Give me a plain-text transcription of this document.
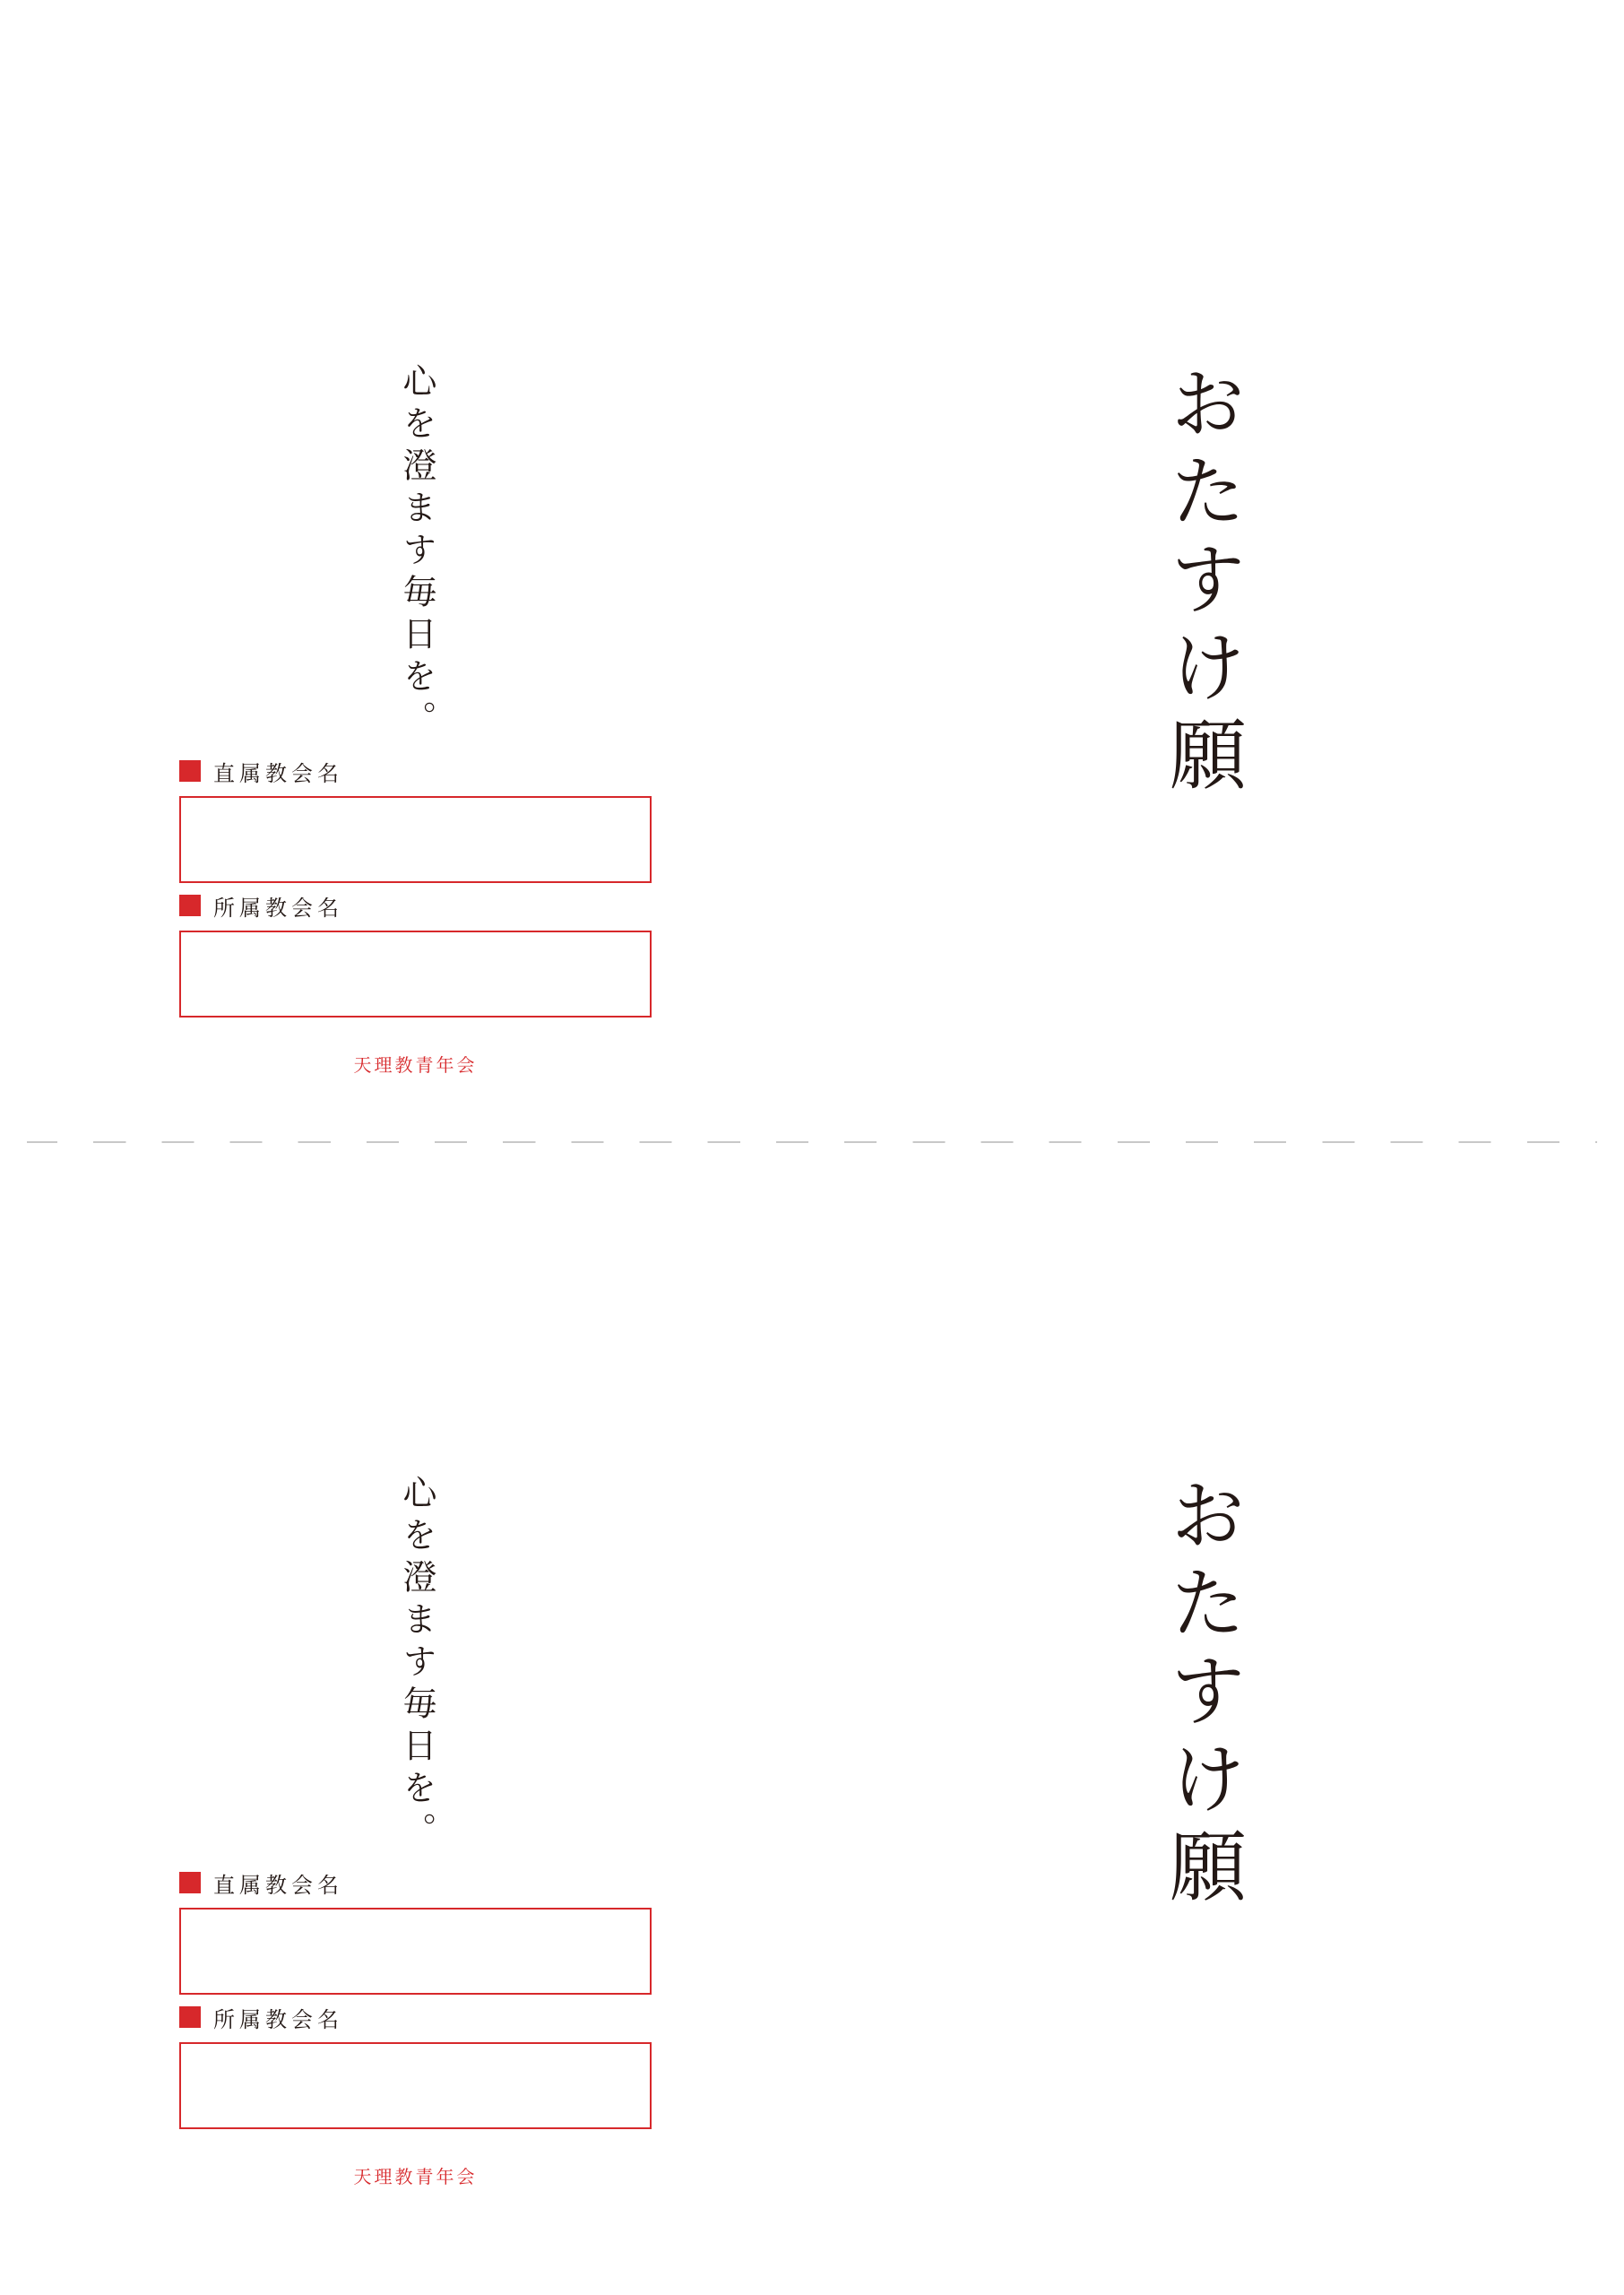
おたすけ願
心を澄ます毎日を。
直属教会名
所属教会名
天理教青年会
おたすけ願
心を澄ます毎日を。
直属教会名
所属教会名
天理教青年会
